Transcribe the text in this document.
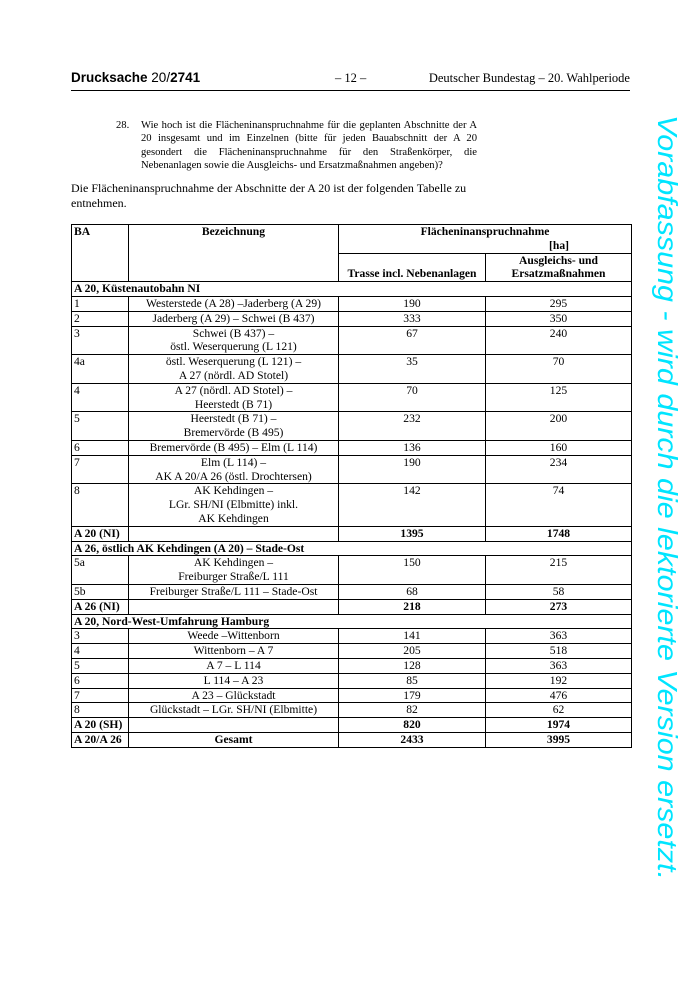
Drucksache 20/2741	– 12 –	Deutscher Bundestag – 20. Wahlperiode
28. Wie hoch ist die Flächeninanspruchnahme für die geplanten Abschnitte der A 20 insgesamt und im Einzelnen (bitte für jeden Bauabschnitt der A 20 gesondert die Flächeninanspruchnahme für den Straßenkörper, die Nebenanlagen sowie die Ausgleichs- und Ersatzmaßnahmen angeben)?
Die Flächeninanspruchnahme der Abschnitte der A 20 ist der folgenden Tabelle zu entnehmen.
BA	Bezeichnung	Flächeninanspruchnahme
[ha]	

		Trasse incl. Nebenanlagen	Ausgleichs- und Ersatzmaßnahmen
A 20, Küstenautobahn NI			
1	Westerstede (A 28) –Jaderberg (A 29)	190	295
2	Jaderberg (A 29) – Schwei (B 437)	333	350
3	Schwei (B 437) –
östl. Weserquerung (L 121)	67	240
4a	östl. Weserquerung (L 121) –
A 27 (nördl. AD Stotel)	35	70
4	A 27 (nördl. AD Stotel) –
Heerstedt (B 71)	70	125
5	Heerstedt (B 71) –
Bremervörde (B 495)	232	200
6	Bremervörde (B 495) – Elm (L 114)	136	160
7	Elm (L 114) –
AK A 20/A 26 (östl. Drochtersen)	190	234
8	AK Kehdingen –
LGr. SH/NI (Elbmitte) inkl.
AK Kehdingen	142	74
A 20 (NI)		1395	1748
A 26, östlich AK Kehdingen (A 20) – Stade-Ost			
5a	AK Kehdingen –
Freiburger Straße/L 111	150	215
5b	Freiburger Straße/L 111 – Stade-Ost	68	58
A 26 (NI)		218	273
A 20, Nord-West-Umfahrung Hamburg			
3	Weede –Wittenborn	141	363
4	Wittenborn – A 7	205	518
5	A 7 – L 114	128	363
6	L 114 – A 23	85	192
7	A 23 – Glückstadt	179	476
8	Glückstadt – LGr. SH/NI (Elbmitte)	82	62
A 20 (SH)		820	1974
A 20/A 26	Gesamt	2433	3995	Vorabfassung - wird durch die lektorierte Version ersetzt.
